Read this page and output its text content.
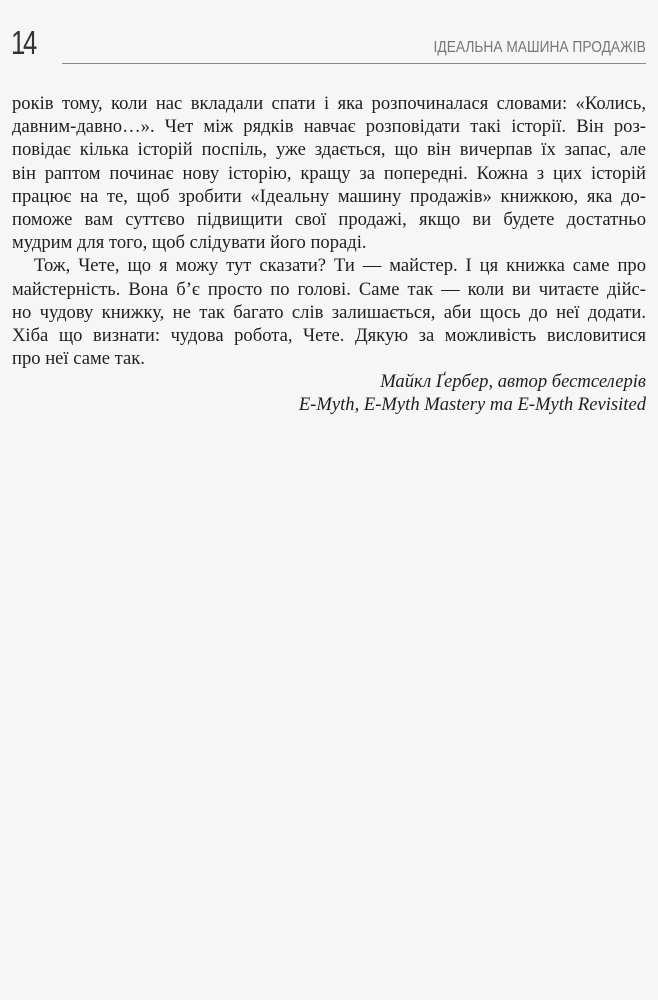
14	ІДЕАЛЬНА МАШИНА ПРОДАЖІВ
років тому, коли нас вкладали спати і яка розпочиналася словами: «Колись,
давним-давно…». Чет між рядків навчає розповідати такі історії. Він роз-
повідає кілька історій поспіль, уже здається, що він вичерпав їх запас, але
він раптом починає нову історію, кращу за попередні. Кожна з цих історій
працює на те, щоб зробити «Ідеальну машину продажів» книжкою, яка до-
поможе вам суттєво підвищити свої продажі, якщо ви будете достатньо
мудрим для того, щоб слідувати його пораді.
Тож, Чете, що я можу тут сказати? Ти — майстер. І ця книжка саме про
майстерність. Вона б’є просто по голові. Саме так — коли ви читаєте дійс-
но чудову книжку, не так багато слів залишається, аби щось до неї додати.
Хіба що визнати: чудова робота, Чете. Дякую за можливість висловитися
про неї саме так.
Майкл Ґербер, автор бестселерів
E-Myth, E-Myth Mastery та E-Myth Revisited
